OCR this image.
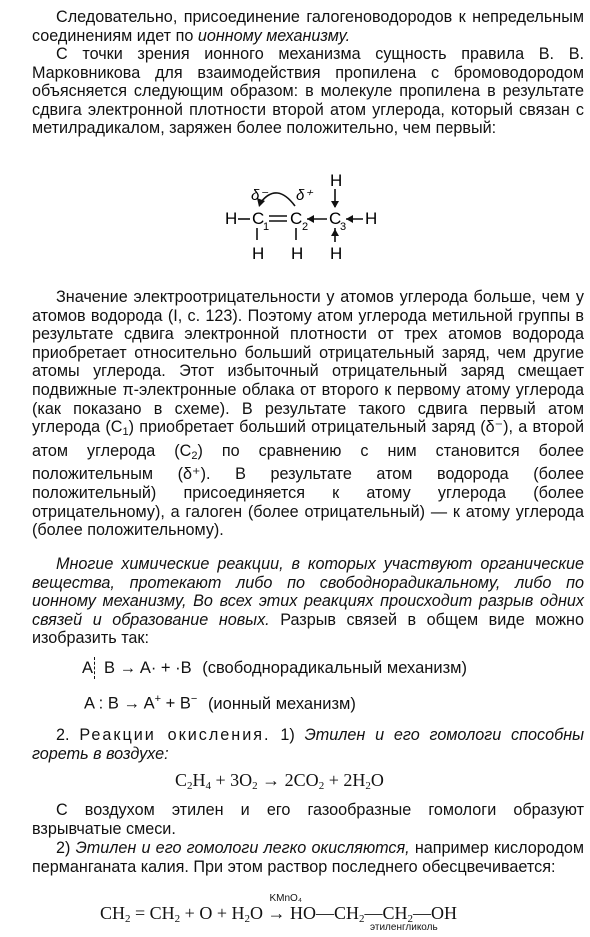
Следовательно, присоединение галогеноводородов к непредельным соединениям идет по ионному механизму.
С точки зрения ионного механизма сущность правила В. В. Марковникова для взаимодействия пропилена с бромоводородом объясняется следующим образом: в молекуле пропилена в результате сдвига электронной плотности второй атом углерода, который связан с метилрадикалом, заряжен более положительно, чем первый:
H C
1 C 2 C
3 H
H
H H H
δ⁻ δ⁺
Значение электроотрицательности у атомов углерода больше, чем у атомов водорода (I, с. 123). Поэтому атом углерода метильной группы в результате сдвига электронной плотности от трех атомов водорода приобретает относительно больший отрицательный заряд, чем другие атомы углерода. Этот избыточный отрицательный заряд смещает подвижные π-электронные облака от второго к первому атому углерода (как показано в схеме). В результате такого сдвига первый атом углерода $(C_1)$ приобретает больший отрицательный заряд (δ⁻), а второй атом углерода $(C_2)$ по сравнению с ним становится более положительным (δ⁺). В результате атом водорода (более положительный) присоединяется к атому углерода (более отрицательному), а галоген (более отрицательный) — к атому углерода (более положительному).
Многие химические реакции, в которых участвуют органические вещества, протекают либо по свободнорадикальному, либо по ионному механизму, Во всех этих реакциях происходит разрыв одних связей и образование новых. Разрыв связей в общем виде можно изобразить так:
A B → A· + ·B (свободнорадикальный механизм)
A : B → A+ + B− (ионный механизм)
2. Реакции окисления. 1) Этилен и его гомологи способны гореть в воздухе:
$C_2H_4 + 3O_2 \to 2CO_2 + 2H_2O$
С воздухом этилен и его газообразные гомологи образуют взрывчатые смеси.
2) Этилен и его гомологи легко окисляются, например кислородом перманганата калия. При этом раствор последнего обесцвечивается:
$CH_2 = CH_2 + O + H_2O$
KMnO₄
→ $HO—CH_2—CH_2—OH$
этиленгликоль
